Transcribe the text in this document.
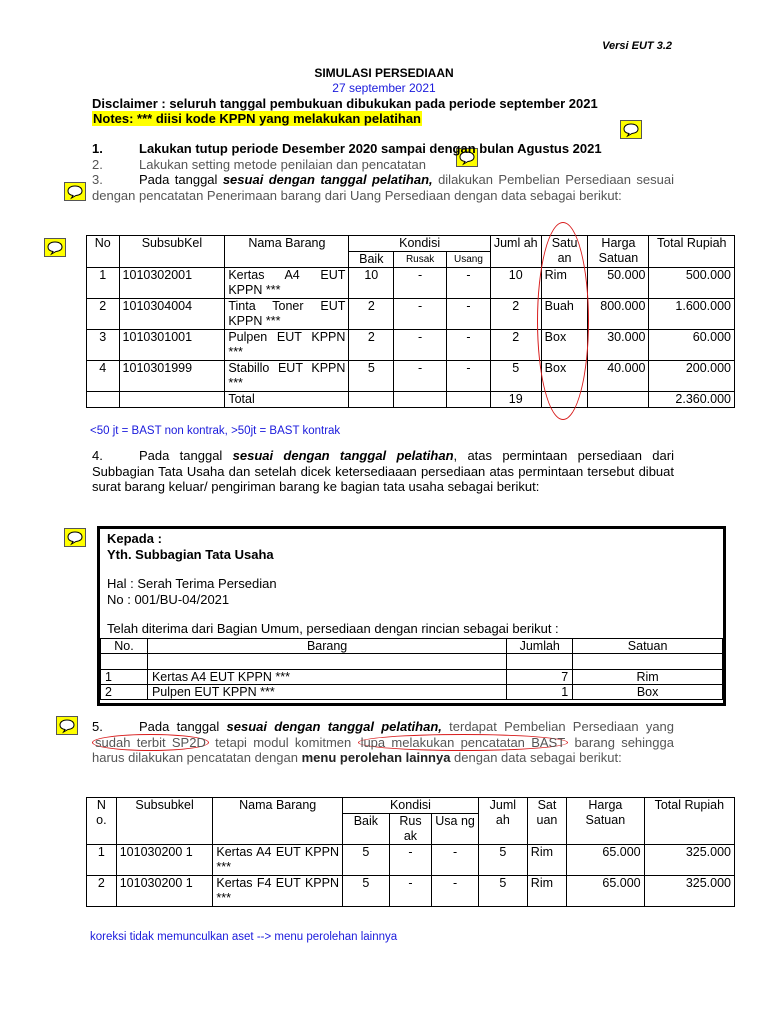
Versi EUT 3.2
SIMULASI PERSEDIAAN
27 september 2021
Disclaimer : seluruh tanggal pembukuan dibukukan pada periode september 2021
Notes: *** diisi kode KPPN yang melakukan pelatihan
1.	Lakukan tutup periode Desember 2020 sampai dengan bulan Agustus 2021
2.	Lakukan setting metode penilaian dan pencatatan
3.	Pada tanggal sesuai dengan tanggal pelatihan, dilakukan Pembelian Persediaan sesuai dengan pencatatan Penerimaan barang dari Uang Persediaan dengan data sebagai berikut:
No	SubsubKel	Nama Barang	Kondisi			Juml ah	Satu an	Harga Satuan	Total Rupiah
			Baik	Rusak	Usang				
1	1010302001	Kertas A4 EUT KPPN ***	10	-	-	10	Rim	50.000	500.000
2	1010304004	Tinta Toner EUT KPPN ***	2	-	-	2	Buah	800.000	1.600.000
3	1010301001	Pulpen EUT KPPN ***	2	-	-	2	Box	30.000	60.000
4	1010301999	Stabillo EUT KPPN ***	5	-	-	5	Box	40.000	200.000
		Total				19			2.360.000
<50 jt = BAST non kontrak, >50jt = BAST kontrak
4.	Pada tanggal sesuai dengan tanggal pelatihan, atas permintaan persediaan dari Subbagian Tata Usaha dan setelah dicek ketersediaaan persediaan atas permintaan tersebut dibuat surat barang keluar/ pengiriman barang ke bagian tata usaha sebagai berikut:
Kepada :
Yth. Subbagian Tata Usaha
Hal : Serah Terima Persedian
No : 001/BU-04/2021
Telah diterima dari Bagian Umum, persediaan dengan rincian sebagai berikut :
No.	Barang	Jumlah	Satuan

1	Kertas A4 EUT KPPN ***	7	Rim
2	Pulpen EUT KPPN ***	1	Box
5.	Pada tanggal sesuai dengan tanggal pelatihan, terdapat Pembelian Persediaan yang sudah terbit SP2D tetapi modul komitmen lupa melakukan pencatatan BAST barang sehingga harus dilakukan pencatatan dengan menu perolehan lainnya dengan data sebagai berikut:
N o.	Subsubkel	Nama Barang	Kondisi			Juml ah	Sat uan	Harga Satuan	Total Rupiah
			Baik	Rus ak	Usa ng				
1	101030200 1	Kertas A4 EUT KPPN ***	5	-	-	5	Rim	65.000	325.000
2	101030200 1	Kertas F4 EUT KPPN ***	5	-	-	5	Rim	65.000	325.000
koreksi tidak memunculkan aset --> menu perolehan lainnya
